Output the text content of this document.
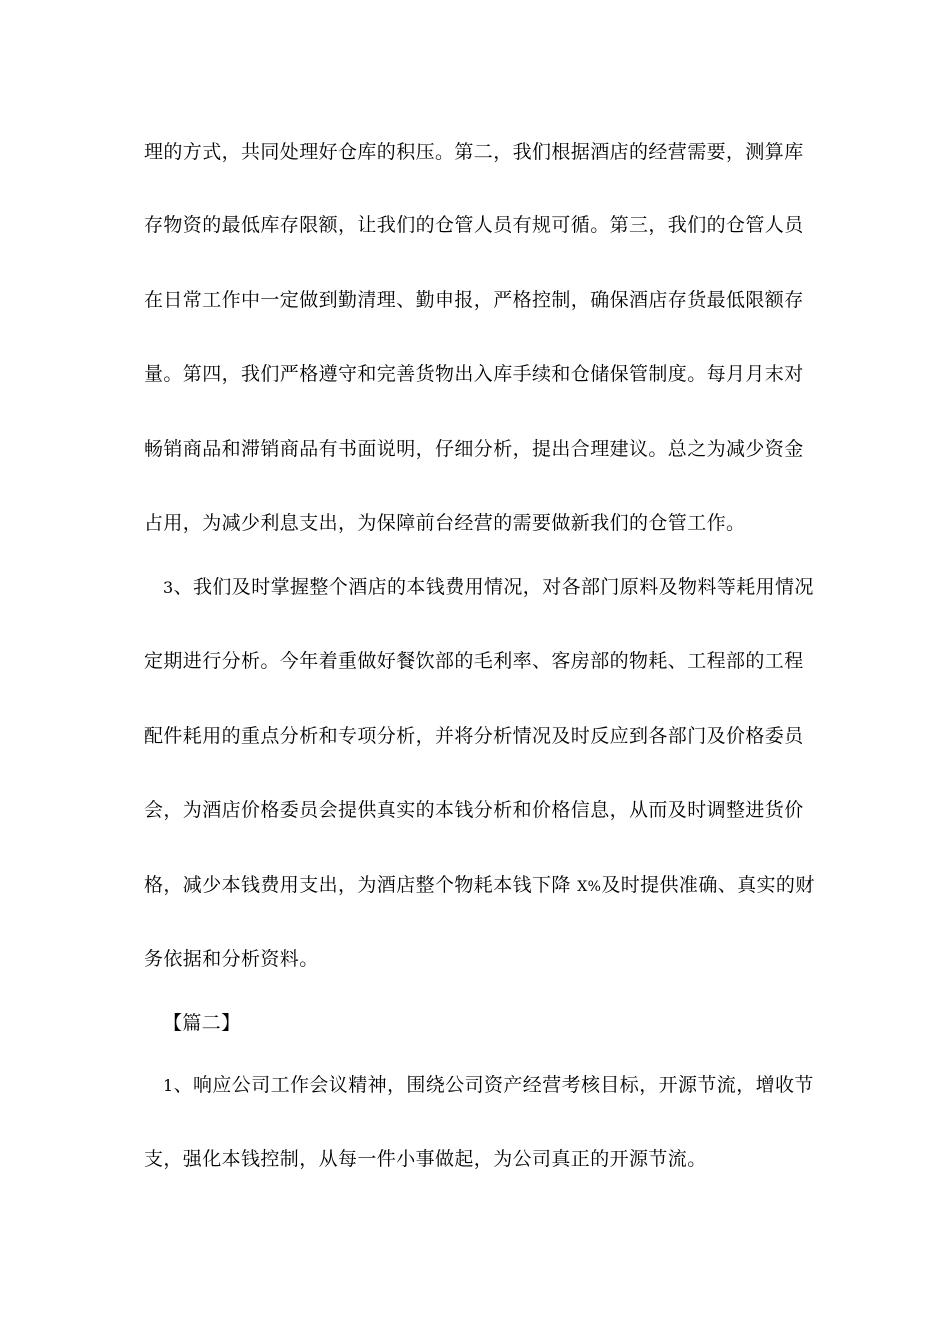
理的方式，共同处理好仓库的积压。第二，我们根据酒店的经营需要，测算库
存物资的最低库存限额，让我们的仓管人员有规可循。第三，我们的仓管人员
在日常工作中一定做到勤清理、勤申报，严格控制，确保酒店存货最低限额存
量。第四，我们严格遵守和完善货物出入库手续和仓储保管制度。每月月末对
畅销商品和滞销商品有书面说明，仔细分析，提出合理建议。总之为减少资金
占用，为减少利息支出，为保障前台经营的需要做新我们的仓管工作。
3、我们及时掌握整个酒店的本钱费用情况，对各部门原料及物料等耗用情况
定期进行分析。今年着重做好餐饮部的毛利率、客房部的物耗、工程部的工程
配件耗用的重点分析和专项分析，并将分析情况及时反应到各部门及价格委员
会，为酒店价格委员会提供真实的本钱分析和价格信息，从而及时调整进货价
格，减少本钱费用支出，为酒店整个物耗本钱下降 X%及时提供准确、真实的财
务依据和分析资料。
【篇二】
1、响应公司工作会议精神，围绕公司资产经营考核目标，开源节流，增收节
支，强化本钱控制，从每一件小事做起，为公司真正的开源节流。
